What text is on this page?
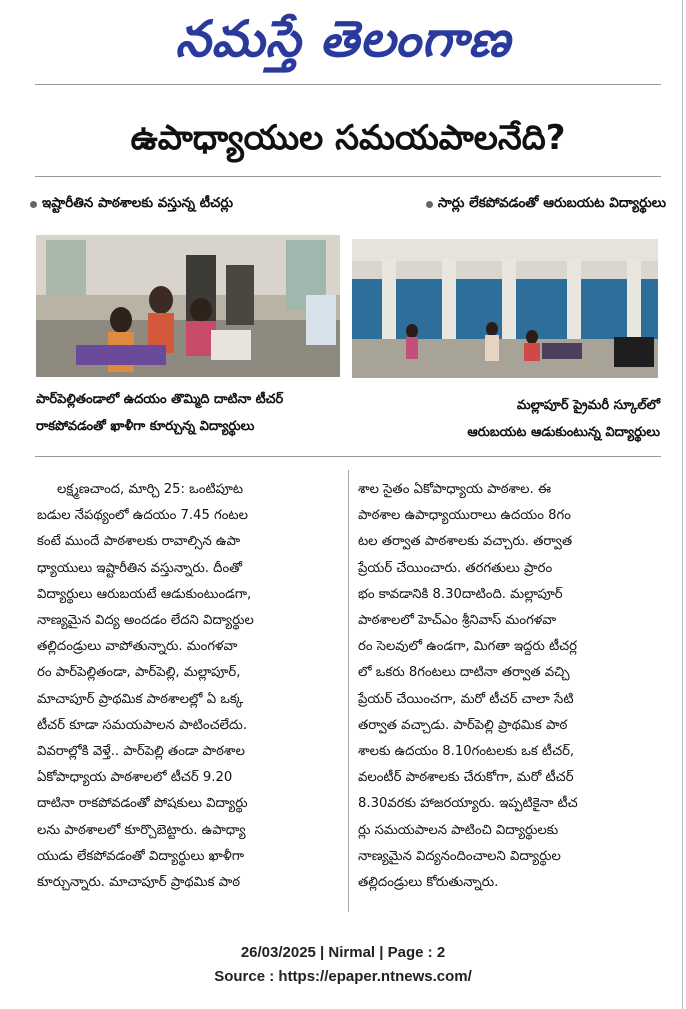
నమస్తే తెలంగాణ
ఉపాధ్యాయుల సమయపాలనేది?
ఇష్టారీతిన పాఠశాలకు వస్తున్న టీచర్లు	సార్లు లేకపోవడంతో ఆరుబయట విద్యార్థులు
పార్‌పెల్లితండాలో ఉదయం తొమ్మిది దాటినా టీచర్
రాకపోవడంతో ఖాళీగా కూర్చున్న విద్యార్థులు
మల్లాపూర్ ప్రైమరీ స్కూల్‌లో
ఆరుబయట ఆడుకుంటున్న విద్యార్థులు
లక్ష్మణచాంద, మార్చి 25: ఒంటిపూట
బడుల నేపథ్యంలో ఉదయం 7.45 గంటల
కంటే ముందే పాఠశాలకు రావాల్సిన ఉపా
ధ్యాయులు ఇష్టారీతిన వస్తున్నారు. దీంతో
విద్యార్థులు ఆరుబయటే ఆడుకుంటుండగా,
నాణ్యమైన విద్య అందడం లేదని విద్యార్థుల
తల్లిదండ్రులు వాపోతున్నారు. మంగళవా
రం పార్‌పెల్లితండా, పార్‌పెల్లి, మల్లాపూర్,
మాచాపూర్ ప్రాథమిక పాఠశాలల్లో ఏ ఒక్క
టీచర్ కూడా సమయపాలన పాటించలేదు.
వివరాల్లోకి వెళ్తే.. పార్‌పెల్లి తండా పాఠశాల
ఏకోపాధ్యాయ పాఠశాలలో టీచర్ 9.20
దాటినా రాకపోవడంతో పోషకులు విద్యార్థు
లను పాఠశాలలో కూర్చొబెట్టారు. ఉపాధ్యా
యుడు లేకపోవడంతో విద్యార్థులు ఖాళీగా
కూర్చున్నారు. మాచాపూర్ ప్రాథమిక పాఠ
శాల సైతం ఏకోపాధ్యాయ పాఠశాల. ఈ
పాఠశాల ఉపాధ్యాయురాలు ఉదయం 8గం
టల తర్వాత పాఠశాలకు వచ్చారు. తర్వాత
ప్రేయర్ చేయించారు. తరగతులు ప్రారం
భం కావడానికి 8.30దాటింది. మల్లాపూర్
పాఠశాలలో హెచ్‌ఎం శ్రీనివాస్ మంగళవా
రం సెలవులో ఉండగా, మిగతా ఇద్దరు టీచర్ల
లో ఒకరు 8గంటలు దాటినా తర్వాత వచ్చి
ప్రేయర్ చేయించగా, మరో టీచర్ చాలా సేటి
తర్వాత వచ్చాడు. పార్‌పెల్లి ప్రాథమిక పాఠ
శాలకు ఉదయం 8.10గంటలకు ఒక టీచర్,
వలంటీర్ పాఠశాలకు చేరుకోగా, మరో టీచర్
8.30వరకు హాజరయ్యారు. ఇప్పటికైనా టీచ
ర్లు సమయపాలన పాటించి విద్యార్థులకు
నాణ్యమైన విద్యనందించాలని విద్యార్థుల
తల్లిదండ్రులు కోరుతున్నారు.
26/03/2025 | Nirmal | Page : 2
Source : https://epaper.ntnews.com/
